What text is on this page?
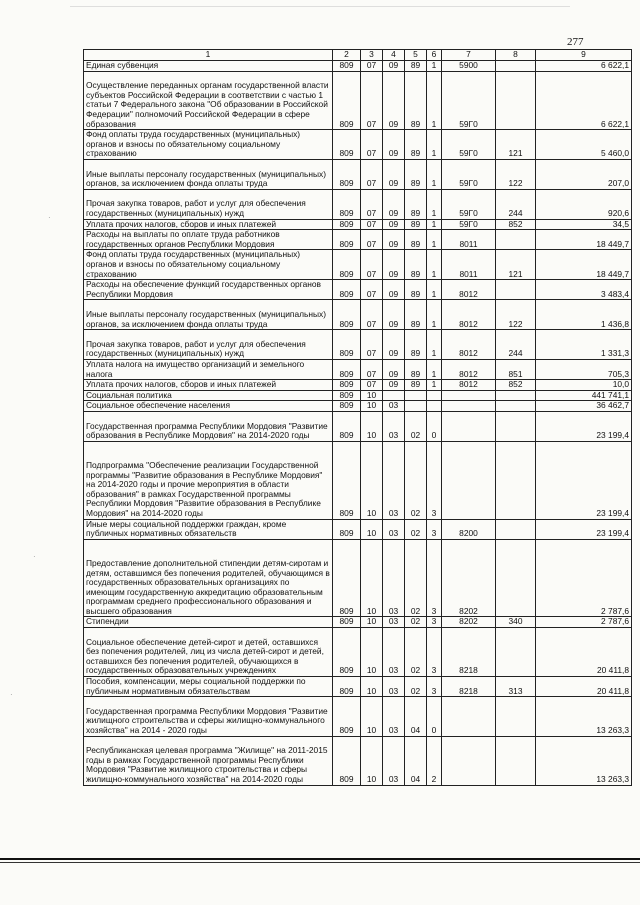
277
1	2	3	4	5	6	7	8	9
Единая субвенция	809	07	09	89	1	5900		6 622,1
Осуществление переданных органам государственной власти субъектов Российской Федерации в соответствии с частью 1 статьи 7 Федерального закона "Об образовании в Российской Федерации" полномочий Российской Федерации в сфере образования	809	07	09	89	1	59Г0		6 622,1
Фонд оплаты труда государственных (муниципальных) органов и взносы по обязательному социальному страхованию	809	07	09	89	1	59Г0	121	5 460,0
Иные выплаты персоналу государственных (муниципальных) органов, за исключением фонда оплаты труда	809	07	09	89	1	59Г0	122	207,0
Прочая закупка товаров, работ и услуг для обеспечения государственных (муниципальных) нужд	809	07	09	89	1	59Г0	244	920,6
Уплата прочих налогов, сборов и иных платежей	809	07	09	89	1	59Г0	852	34,5
Расходы на выплаты по оплате труда работников государственных органов Республики Мордовия	809	07	09	89	1	8011		18 449,7
Фонд оплаты труда государственных (муниципальных) органов и взносы по обязательному социальному страхованию	809	07	09	89	1	8011	121	18 449,7
Расходы на обеспечение функций государственных органов Республики Мордовия	809	07	09	89	1	8012		3 483,4
Иные выплаты персоналу государственных (муниципальных) органов, за исключением фонда оплаты труда	809	07	09	89	1	8012	122	1 436,8
Прочая закупка товаров, работ и услуг для обеспечения государственных (муниципальных) нужд	809	07	09	89	1	8012	244	1 331,3
Уплата налога на имущество организаций и земельного налога	809	07	09	89	1	8012	851	705,3
Уплата прочих налогов, сборов и иных платежей	809	07	09	89	1	8012	852	10,0
Социальная политика	809	10						441 741,1
Социальное обеспечение населения	809	10	03					36 462,7
Государственная программа Республики Мордовия "Развитие образования в Республике Мордовия" на 2014-2020 годы	809	10	03	02	0			23 199,4
Подпрограмма "Обеспечение реализации Государственной программы "Развитие образования в Республике Мордовия" на 2014-2020 годы и прочие мероприятия в области образования" в рамках Государственной программы Республики Мордовия "Развитие образования в Республике Мордовия" на 2014-2020 годы	809	10	03	02	3			23 199,4
Иные меры социальной поддержки граждан, кроме публичных нормативных обязательств	809	10	03	02	3	8200		23 199,4
Предоставление дополнительной стипендии детям-сиротам и детям, оставшимся без попечения родителей, обучающимся в государственных образовательных организациях по имеющим государственную аккредитацию образовательным программам среднего профессионального образования и высшего образования	809	10	03	02	3	8202		2 787,6
Стипендии	809	10	03	02	3	8202	340	2 787,6
Социальное обеспечение детей-сирот и детей, оставшихся без попечения родителей, лиц из числа детей-сирот и детей, оставшихся без попечения родителей, обучающихся в государственных образовательных учреждениях	809	10	03	02	3	8218		20 411,8
Пособия, компенсации, меры социальной поддержки по публичным нормативным обязательствам	809	10	03	02	3	8218	313	20 411,8
Государственная программа Республики Мордовия "Развитие жилищного строительства и сферы жилищно-коммунального хозяйства" на 2014 - 2020 годы	809	10	03	04	0			13 263,3
Республиканская целевая программа "Жилище" на 2011-2015 годы в рамках Государственной программы Республики Мордовия "Развитие жилищного строительства и сферы жилищно-коммунального хозяйства" на 2014-2020 годы	809	10	03	04	2			13 263,3
·
·
·
